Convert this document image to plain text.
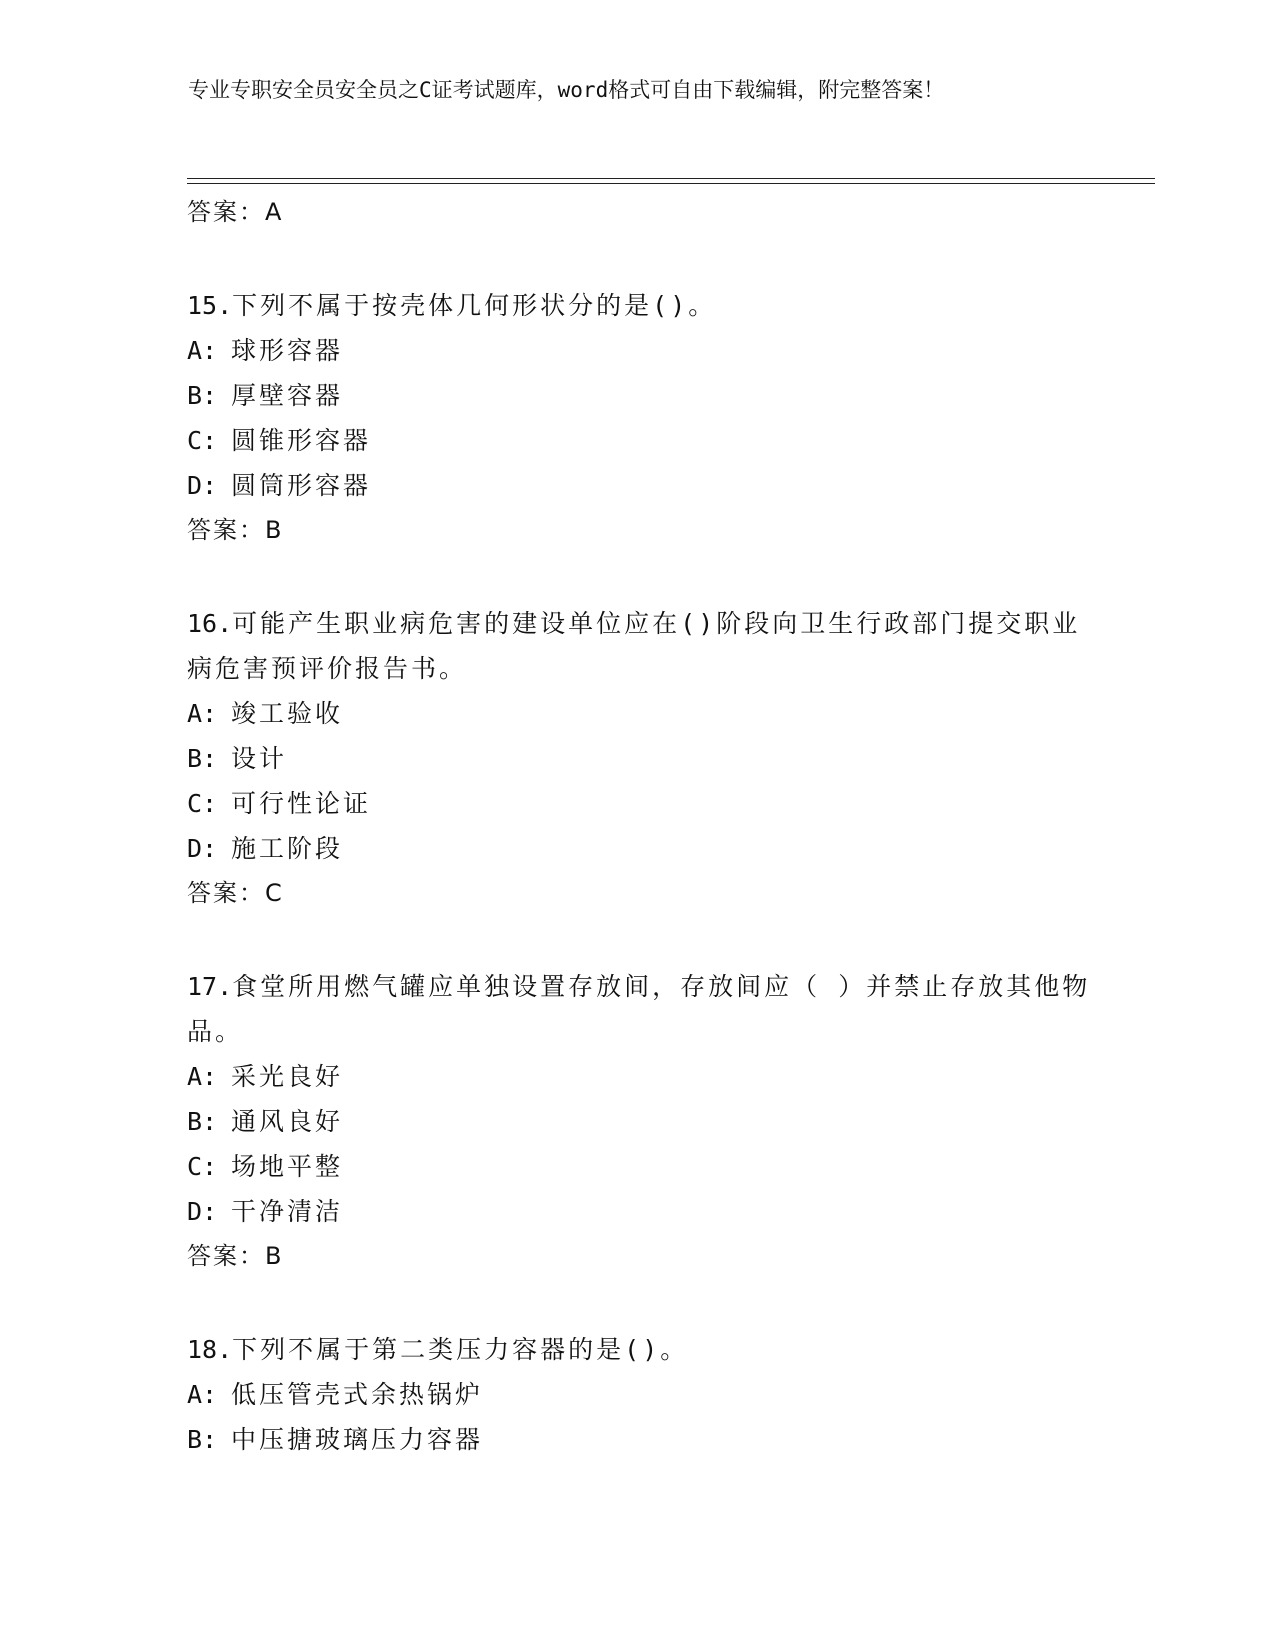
专业专职安全员安全员之C证考试题库，word格式可自由下载编辑，附完整答案！
答案：A
15.下列不属于按壳体几何形状分的是()。
A: 球形容器
B: 厚壁容器
C: 圆锥形容器
D: 圆筒形容器
答案：B
16.可能产生职业病危害的建设单位应在()阶段向卫生行政部门提交职业病危害预评价报告书。
A: 竣工验收
B: 设计
C: 可行性论证
D: 施工阶段
答案：C
17.食堂所用燃气罐应单独设置存放间，存放间应（ ）并禁止存放其他物品。
A: 采光良好
B: 通风良好
C: 场地平整
D: 干净清洁
答案：B
18.下列不属于第二类压力容器的是()。
A: 低压管壳式余热锅炉
B: 中压搪玻璃压力容器
